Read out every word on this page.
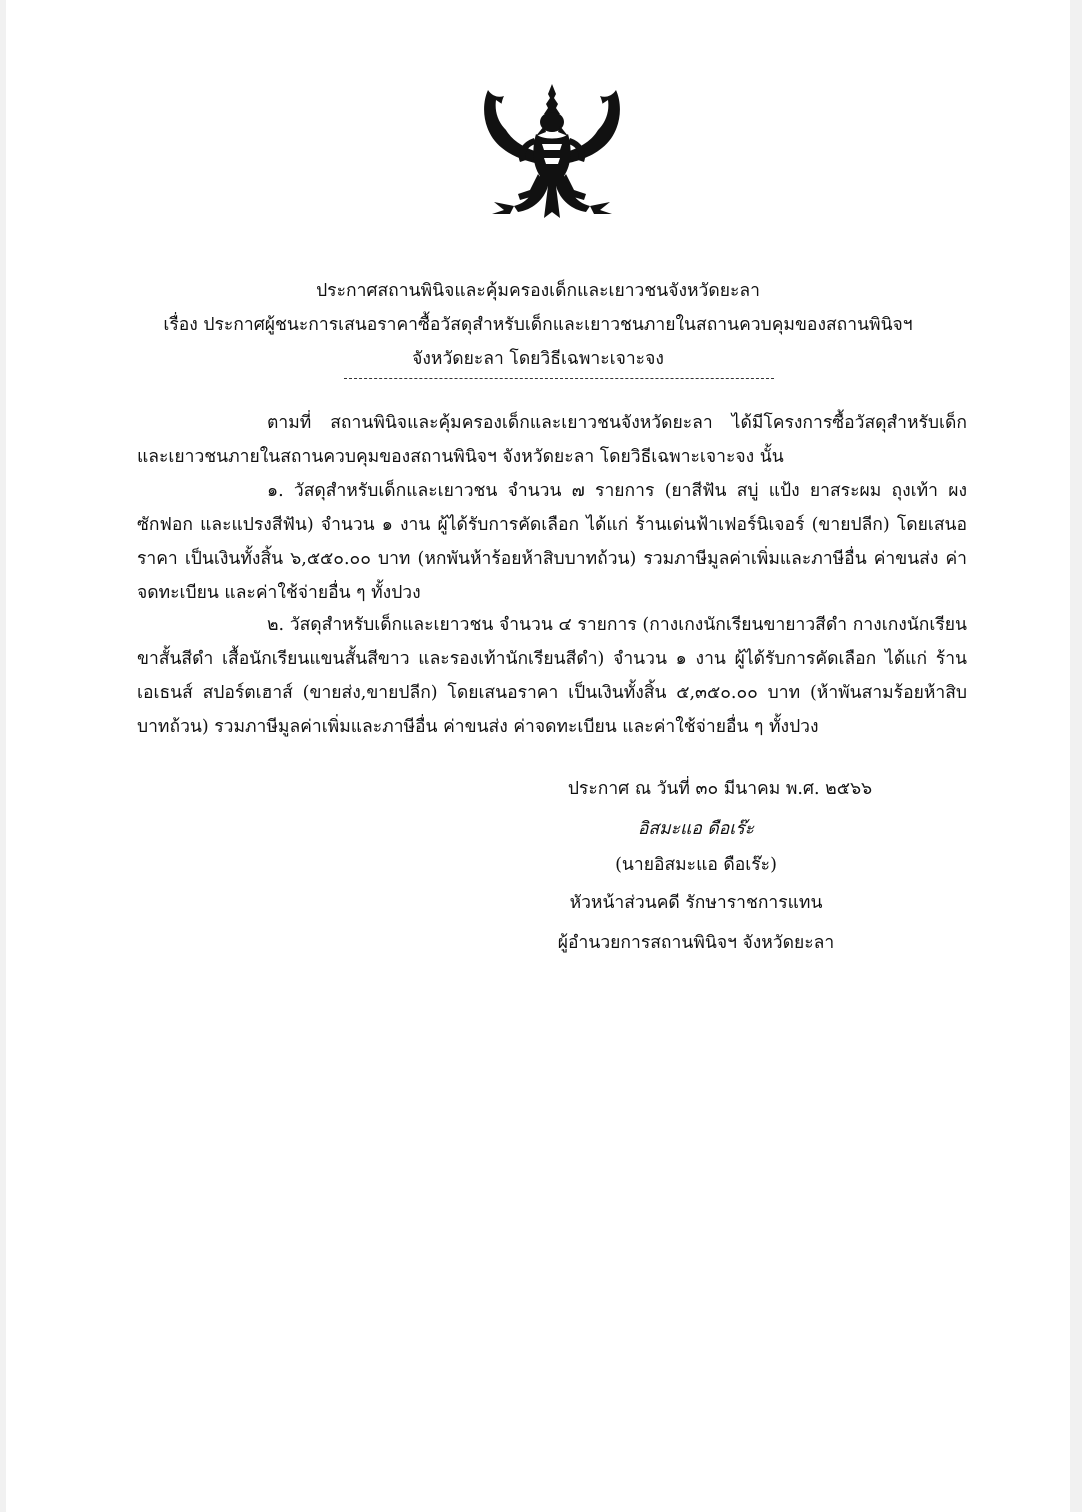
ประกาศสถานพินิจและคุ้มครองเด็กและเยาวชนจังหวัดยะลา
เรื่อง ประกาศผู้ชนะการเสนอราคาซื้อวัสดุสำหรับเด็กและเยาวชนภายในสถานควบคุมของสถานพินิจฯ
จังหวัดยะลา โดยวิธีเฉพาะเจาะจง
ตามที่ สถานพินิจและคุ้มครองเด็กและเยาวชนจังหวัดยะลา ได้มีโครงการซื้อวัสดุสำหรับเด็กและเยาวชนภายในสถานควบคุมของสถานพินิจฯ จังหวัดยะลา โดยวิธีเฉพาะเจาะจง นั้น
๑. วัสดุสำหรับเด็กและเยาวชน จำนวน ๗ รายการ (ยาสีฟัน สบู่ แป้ง ยาสระผม ถุงเท้า ผงซักฟอก และแปรงสีฟัน) จำนวน ๑ งาน ผู้ได้รับการคัดเลือก ได้แก่ ร้านเด่นฟ้าเฟอร์นิเจอร์ (ขายปลีก) โดยเสนอราคา เป็นเงินทั้งสิ้น ๖,๕๕๐.๐๐ บาท (หกพันห้าร้อยห้าสิบบาทถ้วน) รวมภาษีมูลค่าเพิ่มและภาษีอื่น ค่าขนส่ง ค่าจดทะเบียน และค่าใช้จ่ายอื่น ๆ ทั้งปวง
๒. วัสดุสำหรับเด็กและเยาวชน จำนวน ๔ รายการ (กางเกงนักเรียนขายาวสีดำ กางเกงนักเรียนขาสั้นสีดำ เสื้อนักเรียนแขนสั้นสีขาว และรองเท้านักเรียนสีดำ) จำนวน ๑ งาน ผู้ได้รับการคัดเลือก ได้แก่ ร้านเอเธนส์ สปอร์ตเฮาส์ (ขายส่ง,ขายปลีก) โดยเสนอราคา เป็นเงินทั้งสิ้น ๕,๓๕๐.๐๐ บาท (ห้าพันสามร้อยห้าสิบบาทถ้วน) รวมภาษีมูลค่าเพิ่มและภาษีอื่น ค่าขนส่ง ค่าจดทะเบียน และค่าใช้จ่ายอื่น ๆ ทั้งปวง
ประกาศ ณ วันที่ ๓๐ มีนาคม พ.ศ. ๒๕๖๖
อิสมะแอ ดือเร๊ะ
(นายอิสมะแอ ดือเร๊ะ)
หัวหน้าส่วนคดี รักษาราชการแทน
ผู้อำนวยการสถานพินิจฯ จังหวัดยะลา
